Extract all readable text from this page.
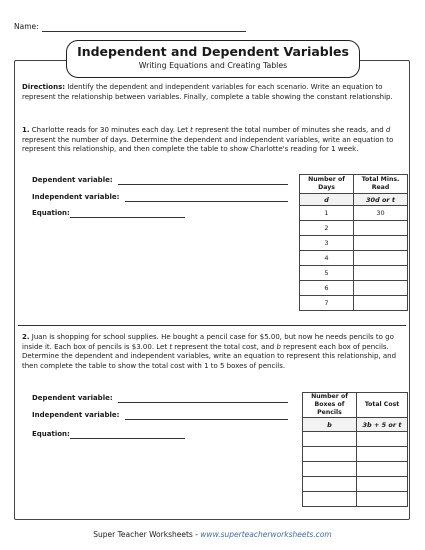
Name:
Independent and Dependent Variables
Writing Equations and Creating Tables
Directions: Identify the dependent and independent variables for each scenario. Write an equation to represent the relationship between variables. Finally, complete a table showing the constant relationship.
1. Charlotte reads for 30 minutes each day. Let t represent the total number of minutes she reads, and d represent the number of days. Determine the dependent and independent variables, write an equation to represent this relationship, and then complete the table to show Charlotte's reading for 1 week.
Dependent variable:
Independent variable:
Equation:
Number of Days	Total Mins. Read
d	30d or t
1	30
2	
3	
4	
5	
6	
7	
2. Juan is shopping for school supplies. He bought a pencil case for $5.00, but now he needs pencils to go inside it. Each box of pencils is $3.00. Let t represent the total cost, and b represent each box of pencils. Determine the dependent and independent variables, write an equation to represent this relationship, and then complete the table to show the total cost with 1 to 5 boxes of pencils.
Dependent variable:
Independent variable:
Equation:
Number of Boxes of Pencils	Total Cost
b	3b + 5 or t

Super Teacher Worksheets - www.superteacherworksheets.com
